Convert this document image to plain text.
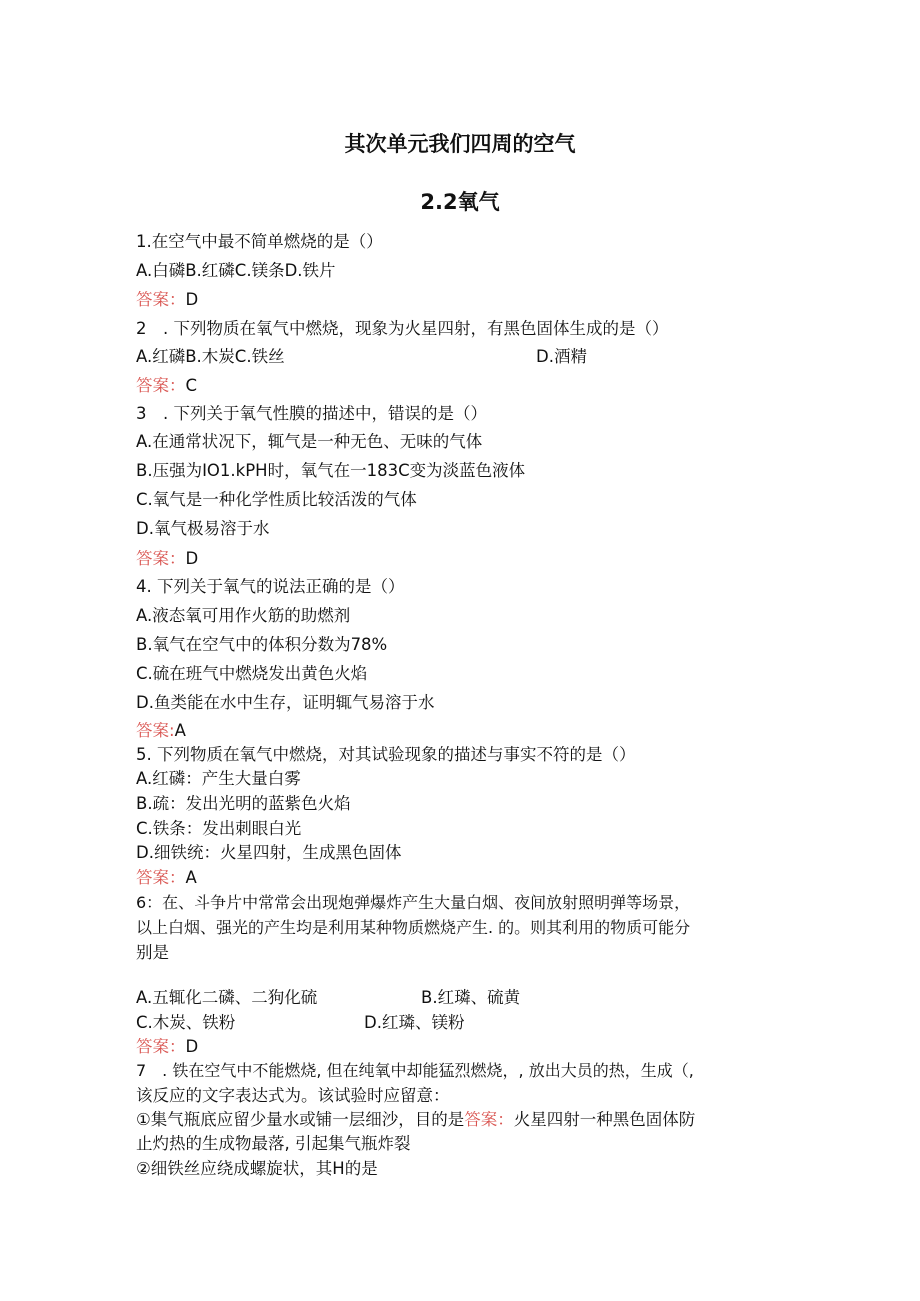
其次单元我们四周的空气
2.2氧气
1.在空气中最不简单燃烧的是（）
A.白磷B.红磷C.镁条D.铁片
答案：D
2　. 下列物质在氧气中燃烧，现象为火星四射，有黑色固体生成的是（）
A.红磷B.木炭C.铁丝	D.酒精
答案：C
3　. 下列关于氧气性膜的描述中，错误的是（）
A.在通常状况下，辄气是一种无色、无味的气体
B.压强为IO1.kPH时，氧气在一183C变为淡蓝色液体
C.氧气是一种化学性质比较活泼的气体
D.氧气极易溶于水
答案：D
4. 下列关于氧气的说法正确的是（）
A.液态氧可用作火筋的助燃剂
B.氧气在空气中的体积分数为78%
C.硫在班气中燃烧发出黄色火焰
D.鱼类能在水中生存，证明辄气易溶于水
答案:A
5. 下列物质在氧气中燃烧，对其试验现象的描述与事实不符的是（）
A.红磷：产生大量白雾
B.疏：发出光明的蓝紫色火焰
C.铁条：发出刺眼白光
D.细铁统：火星四射，生成黑色固体
答案：A
6：在、斗争片中常常会出现炮弹爆炸产生大量白烟、夜间放射照明弹等场景，
以上白烟、强光的产生均是利用某种物质燃烧产生. 的。则其利用的物质可能分
别是
A.五辄化二磷、二狗化硫	B.红璘、硫黄
C.木炭、铁粉	D.红璘、镁粉
答案：D
7　. 铁在空气中不能燃烧, 但在纯氧中却能猛烈燃烧，, 放出大员的热，生成（,
该反应的文字表达式为。该试验时应留意：
①集气瓶底应留少量水或铺一层细沙，目的是答案：火星四射一种黑色固体防
止灼热的生成物最落, 引起集气瓶炸裂
②细铁丝应绕成螺旋状，其H的是
